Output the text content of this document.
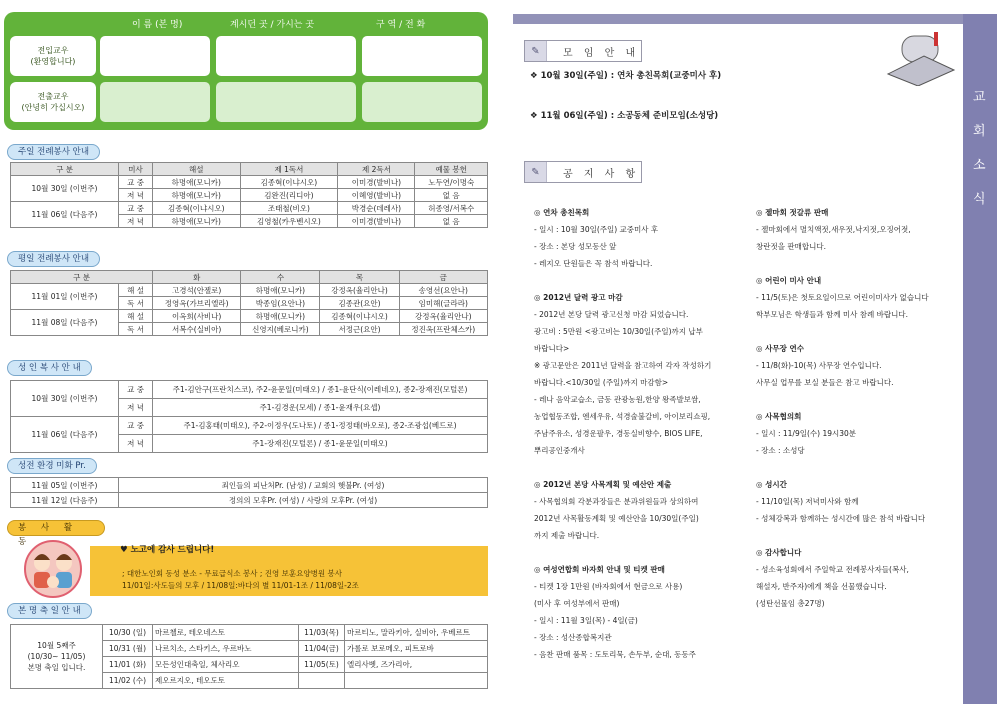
이 름 (본 명)	계시던 곳 / 가시는 곳	구 역 / 전 화
전입교우
(환영합니다)
전출교우
(안녕히 가십시오)
주일 전례봉사 안내
구 분	미사	해설	제 1독서	제 2독서	예물 봉헌
10월 30일 (이번주)	교 중	하명애(모니카)	김종혁(이냐시오)	이미경(발비나)	노두연/이명숙
	저 녁	하명애(모니카)	김완진(리디아)	이혜영(발비나)	없 음
11월 06일 (다음주)	교 중	김종혁(이냐시오)	조태철(비오)	박경순(데레사)	허종영/서복수
	저 녁	하명애(모니카)	김영철(카우벤시오)	이미경(발비나)	없 음
평일 전례봉사 안내
구 분		화	수	목	금
11월 01일 (이번주)	해 설	고경석(안젤로)	하명애(모니카)	강정옥(율리안나)	송영선(요안나)
	독 서	정영옥(가브리엘라)	박종임(요안나)	김종관(요안)	임미해(글라라)
11월 08일 (다음주)	해 설	이옥희(사비나)	하명애(모니카)	김종혁(이냐시오)	강정옥(율리안나)
	독 서	서복수(실비아)	신영지(베로니카)	서정근(요안)	정진옥(프란체스카)
성 인 복 사 안 내
10월 30일 (이번주)	교 중	주1-김안구(프란치스코), 주2-윤문일(미태오) / 종1-윤단식(이레네오), 종2-장재진(모털론)
	저 녁	주1-김경운(모세) / 종1-윤재우(요셉)
11월 06일 (다음주)	교 중	주1-김홍태(미태오), 주2-이정우(도나토) / 종1-정정태(바오로), 종2-조광섭(베드로)
	저 녁	주1-장재진(모털론) / 종1-윤문일(미태오)
성전 환경 미화 Pr.
11월 05일 (이번주)	죄인들의 피난처Pr. (남성) / 교회의 햇불Pr. (여성)
11월 12일 (다음주)	정의의 모후Pr. (여성) / 사랑의 모후Pr. (여성)
봉 사 활 동
♥ 노고에 감사 드립니다!
; 대한노인회 동성 분소 - 무료급식소 봉사 ; 진영 보훈요양병원 봉사
11/01일:사도들의 모후 / 11/08일:바다의 별 11/01-1조 / 11/08일-2조
본 명 축 일 안 내
10월 5째주
(10/30~ 11/05)
본명 축일 입니다.	10/30 (일)	마르첼로, 테오네스토	11/03(목)	마르티노, 말라키아, 실비아, 우베르트
	10/31 (월)	나르치소, 스타키스, 우르바노	11/04(금)	가롤로 보로메오, 피트로바
	11/01 (화)	모든성인대축일, 체사리오	11/05(토)	엘리사벳, 즈가리아,
	11/02 (수)	제오르지오, 테오도토		
교
회
소
식
✎	모 임 안 내
❖ 10월 30일(주일) : 연차 총친목회(교중미사 후)
❖ 11월 06일(주일) : 소공동체 준비모임(소성당)
✎	공 지 사 항
◎ 연차 총친목회
- 일시 : 10월 30일(주일) 교중미사 후
- 장소 : 본당 성모동산 앞
- 레지오 단원들은 꼭 참석 바랍니다.
◎ 2012년 달력 광고 마감
- 2012년 본당 달력 광고신청 마감 되었습니다.
광고비 : 5만원 <광고비는 10/30일(주일)까지 납부
바랍니다>
※ 광고문안은 2011년 달력을 참고하여 각자 작성하기
바랍니다.<10/30일 (주일)까지 마감함>
- 레나 음악교습소, 금동 관광농원,한양 왕족발보쌈,
농업협동조합, 엔세우유, 석경술불갈비, 아이보리쇼핑,
주남주유소, 성경운팔우, 경동실비향수, BIOS LIFE,
뿌리공인중개사
◎ 2012년 본당 사목계획 및 예산안 제출
- 사목협의회 각분과장들은 분과위원들과 상의하여
2012년 사목활동계획 및 예산안을 10/30일(주일)
까지 제출 바랍니다.
◎ 여성연합회 바자회 안내 및 티켓 판매
- 티켓 1장 1만원 (바자회에서 현금으로 사용)
(미사 후 여성부에서 판매)
- 일시 : 11월 3일(목) - 4일(금)
- 장소 : 성산종합복지관
- 음찬 판매 품목 : 도토리묵, 손두부, 순대, 동동주
◎ 젤마회 젓갈류 판매
- 젤마회에서 멸치액젓,새우젓,낙지젓,오징어젓,
창란젓을 판매합니다.
◎ 어린이 미사 안내
- 11/5(토)은 첫토요일이므로 어린이미사가 없습니다
학부모님은 학생들과 함께 미사 참례 바랍니다.
◎ 사무장 연수
- 11/8(화)-10(목) 사무장 연수입니다.
사무실 업무를 보실 분들은 참고 바랍니다.
◎ 사목협의회
- 일시 : 11/9일(수) 19시30분
- 장소 : 소성당
◎ 성시간
- 11/10일(목) 저녁미사와 함께
- 성체강복과 함께하는 성시간에 많은 참석 바랍니다
◎ 감사합니다
- 성소육성회에서 주일학교 전례봉사자들(복사,
해설자, 반주자)에게 책을 선물했습니다.
(성탄선물임 총27명)
